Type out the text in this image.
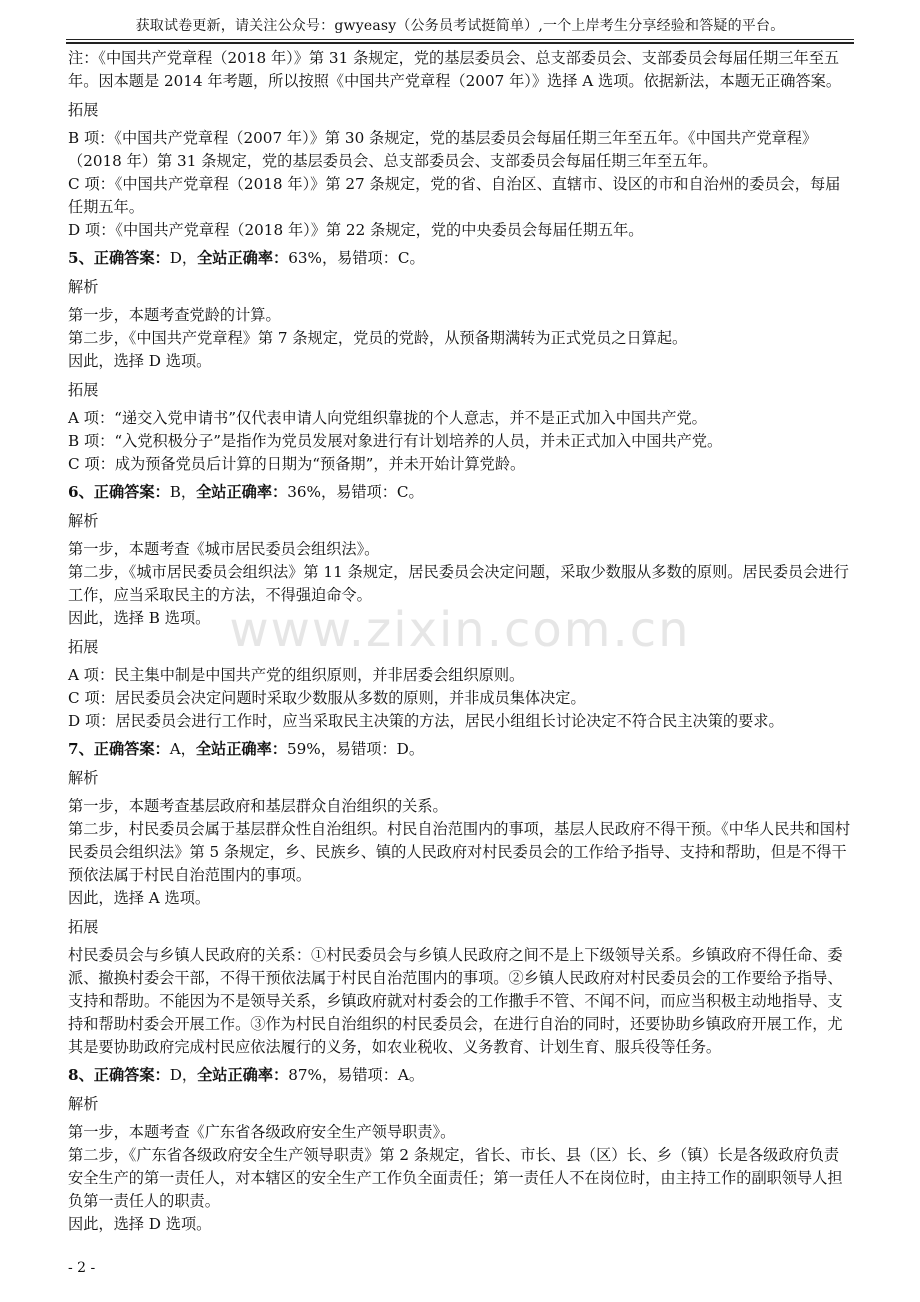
获取试卷更新，请关注公众号：gwyeasy（公务员考试挺简单）,一个上岸考生分享经验和答疑的平台。
www.zixin.com.cn

注：《中国共产党章程（2018 年）》第 31 条规定，党的基层委员会、总支部委员会、支部委员会每届任期三年至五年。因本题是 2014 年考题，所以按照《中国共产党章程（2007 年）》选择 A 选项。依据新法，本题无正确答案。

拓展

B 项：《中国共产党章程（2007 年）》第 30 条规定，党的基层委员会每届任期三年至五年。《中国共产党章程》（2018 年）第 31 条规定，党的基层委员会、总支部委员会、支部委员会每届任期三年至五年。

C 项：《中国共产党章程（2018 年）》第 27 条规定，党的省、自治区、直辖市、设区的市和自治州的委员会，每届任期五年。

D 项：《中国共产党章程（2018 年）》第 22 条规定，党的中央委员会每届任期五年。

5、正确答案：D，全站正确率：63%，易错项：C。

解析

第一步，本题考查党龄的计算。

第二步，《中国共产党章程》第 7 条规定，党员的党龄，从预备期满转为正式党员之日算起。

因此，选择 D 选项。

拓展

A 项：“递交入党申请书”仅代表申请人向党组织靠拢的个人意志，并不是正式加入中国共产党。

B 项：“入党积极分子”是指作为党员发展对象进行有计划培养的人员，并未正式加入中国共产党。

C 项：成为预备党员后计算的日期为“预备期”，并未开始计算党龄。

6、正确答案：B，全站正确率：36%，易错项：C。

解析

第一步，本题考查《城市居民委员会组织法》。

第二步，《城市居民委员会组织法》第 11 条规定，居民委员会决定问题，采取少数服从多数的原则。居民委员会进行工作，应当采取民主的方法，不得强迫命令。

因此，选择 B 选项。

拓展

A 项：民主集中制是中国共产党的组织原则，并非居委会组织原则。

C 项：居民委员会决定问题时采取少数服从多数的原则，并非成员集体决定。

D 项：居民委员会进行工作时，应当采取民主决策的方法，居民小组组长讨论决定不符合民主决策的要求。

7、正确答案：A，全站正确率：59%，易错项：D。

解析

第一步，本题考查基层政府和基层群众自治组织的关系。

第二步，村民委员会属于基层群众性自治组织。村民自治范围内的事项，基层人民政府不得干预。《中华人民共和国村民委员会组织法》第 5 条规定，乡、民族乡、镇的人民政府对村民委员会的工作给予指导、支持和帮助，但是不得干预依法属于村民自治范围内的事项。

因此，选择 A 选项。

拓展

村民委员会与乡镇人民政府的关系：①村民委员会与乡镇人民政府之间不是上下级领导关系。乡镇政府不得任命、委派、撤换村委会干部，不得干预依法属于村民自治范围内的事项。②乡镇人民政府对村民委员会的工作要给予指导、支持和帮助。不能因为不是领导关系，乡镇政府就对村委会的工作撒手不管、不闻不问，而应当积极主动地指导、支持和帮助村委会开展工作。③作为村民自治组织的村民委员会，在进行自治的同时，还要协助乡镇政府开展工作，尤其是要协助政府完成村民应依法履行的义务，如农业税收、义务教育、计划生育、服兵役等任务。

8、正确答案：D，全站正确率：87%，易错项：A。

解析

第一步，本题考查《广东省各级政府安全生产领导职责》。

第二步，《广东省各级政府安全生产领导职责》第 2 条规定，省长、市长、县（区）长、乡（镇）长是各级政府负责安全生产的第一责任人，对本辖区的安全生产工作负全面责任；第一责任人不在岗位时，由主持工作的副职领导人担负第一责任人的职责。

因此，选择 D 选项。

- 2 -
